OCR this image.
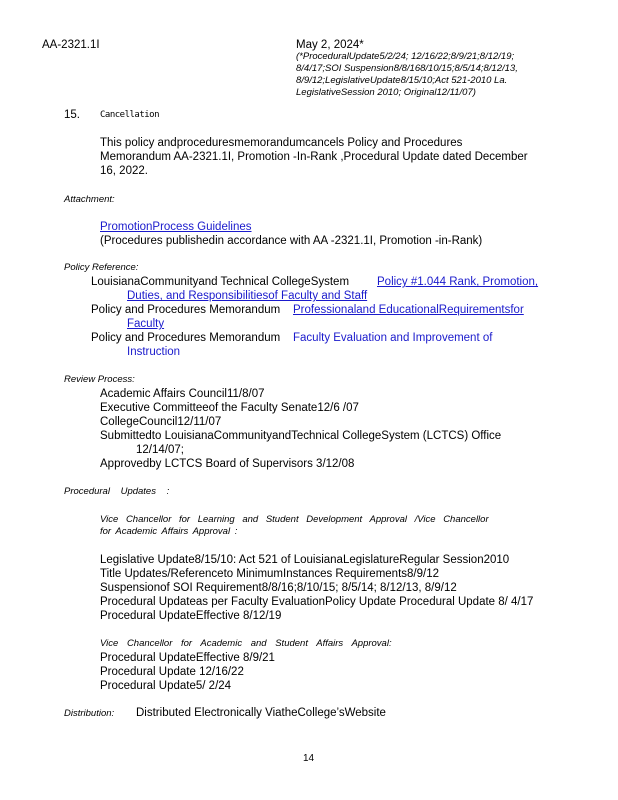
AA-2321.1I	May 2, 2024*
(*ProceduralUpdate5/2/24; 12/16/22;8/9/21;8/12/19;
8/4/17;SOI Suspension8/8/168/10/15;8/5/14;8/12/13,
8/9/12;LegislativeUpdate8/15/10;Act 521-2010 La.
LegislativeSession 2010; Original12/11/07)
15. Cancellation
This policy andproceduresmemorandumcancels Policy and Procedures
Memorandum AA-2321.1I, Promotion -In-Rank ,Procedural Update dated December
16, 2022.
Attachment:
PromotionProcess Guidelines
(Procedures publishedin accordance with AA -2321.1I, Promotion -in-Rank)
Policy Reference:
LouisianaCommunityand Technical CollegeSystem Policy #1.044 Rank, Promotion,
Duties, and Responsibilitiesof Faculty and Staff
Policy and Procedures Memorandum Professionaland EducationalRequirementsfor
Faculty
Policy and Procedures Memorandum Faculty Evaluation and Improvement of
Instruction
Review Process:
Academic Affairs Council11/8/07
Executive Committeeof the Faculty Senate12/6 /07
CollegeCouncil12/11/07
Submittedto LouisianaCommunityandTechnical CollegeSystem (LCTCS) Office
12/14/07;
Approvedby LCTCS Board of Supervisors 3/12/08
Procedural Updates :
Vice Chancellor for Learning and Student Development Approval /Vice Chancellor
for Academic Affairs Approval :
Legislative Update8/15/10: Act 521 of LouisianaLegislatureRegular Session2010
Title Updates/Referenceto MinimumInstances Requirements8/9/12
Suspensionof SOI Requirement8/8/16;8/10/15; 8/5/14; 8/12/13, 8/9/12
Procedural Updateas per Faculty EvaluationPolicy Update Procedural Update 8/ 4/17
Procedural UpdateEffective 8/12/19
Vice Chancellor for Academic and Student Affairs Approval:
Procedural UpdateEffective 8/9/21
Procedural Update 12/16/22
Procedural Update5/ 2/24
Distribution: Distributed Electronically ViatheCollege’sWebsite
14
